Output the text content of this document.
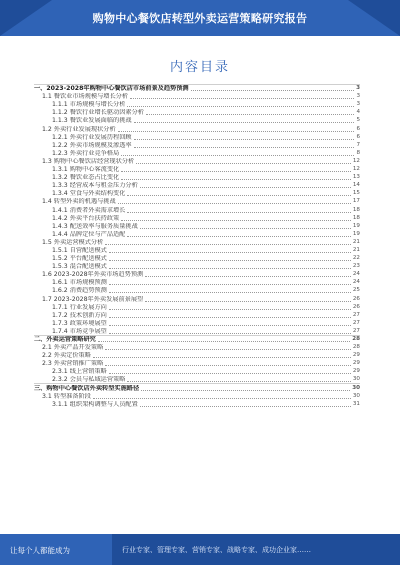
购物中心餐饮店转型外卖运营策略研究报告
内容目录
一、2023-2028年购物中心餐饮店市场前景及趋势预测	3
1.1 餐饮业市场规模与增长分析	3
1.1.1 市场规模与增长分析	3
1.1.2 餐饮行业增长驱动因素分析	4
1.1.3 餐饮业发展面临的挑战	5
1.2 外卖行业发展现状分析	6
1.2.1 外卖行业发展历程回顾	6
1.2.2 外卖市场规模及渗透率	7
1.2.3 外卖行业竞争格局	8
1.3 购物中心餐饮店经营现状分析	12
1.3.1 购物中心客流变化	12
1.3.2 餐饮业态占比变化	13
1.3.3 经营成本与租金压力分析	14
1.3.4 堂食与外卖结构变化	15
1.4 转型外卖的机遇与挑战	17
1.4.1 消费者外卖需求增长	18
1.4.2 外卖平台扶持政策	18
1.4.3 配送效率与服务质量挑战	19
1.4.4 品牌定位与产品适配	19
1.5 外卖运营模式分析	21
1.5.1 自营配送模式	21
1.5.2 平台配送模式	22
1.5.3 混合配送模式	23
1.6 2023-2028年外卖市场趋势预测	24
1.6.1 市场规模预测	24
1.6.2 消费趋势预测	25
1.7 2023-2028年外卖发展前景展望	26
1.7.1 行业发展方向	26
1.7.2 技术创新方向	27
1.7.3 政策环境展望	27
1.7.4 市场竞争展望	27
二、外卖运营策略研究	28
2.1 外卖产品开发策略	28
2.2 外卖定价策略	29
2.3 外卖营销推广策略	29
2.3.1 线上营销策略	29
2.3.2 会员与私域运营策略	30
三、购物中心餐饮店外卖转型实施路径	30
3.1 转型准备阶段	30
3.1.1 组织架构调整与人员配置	31
让每个人都能成为	行业专家、管理专家、营销专家、战略专家、成功企业家……
